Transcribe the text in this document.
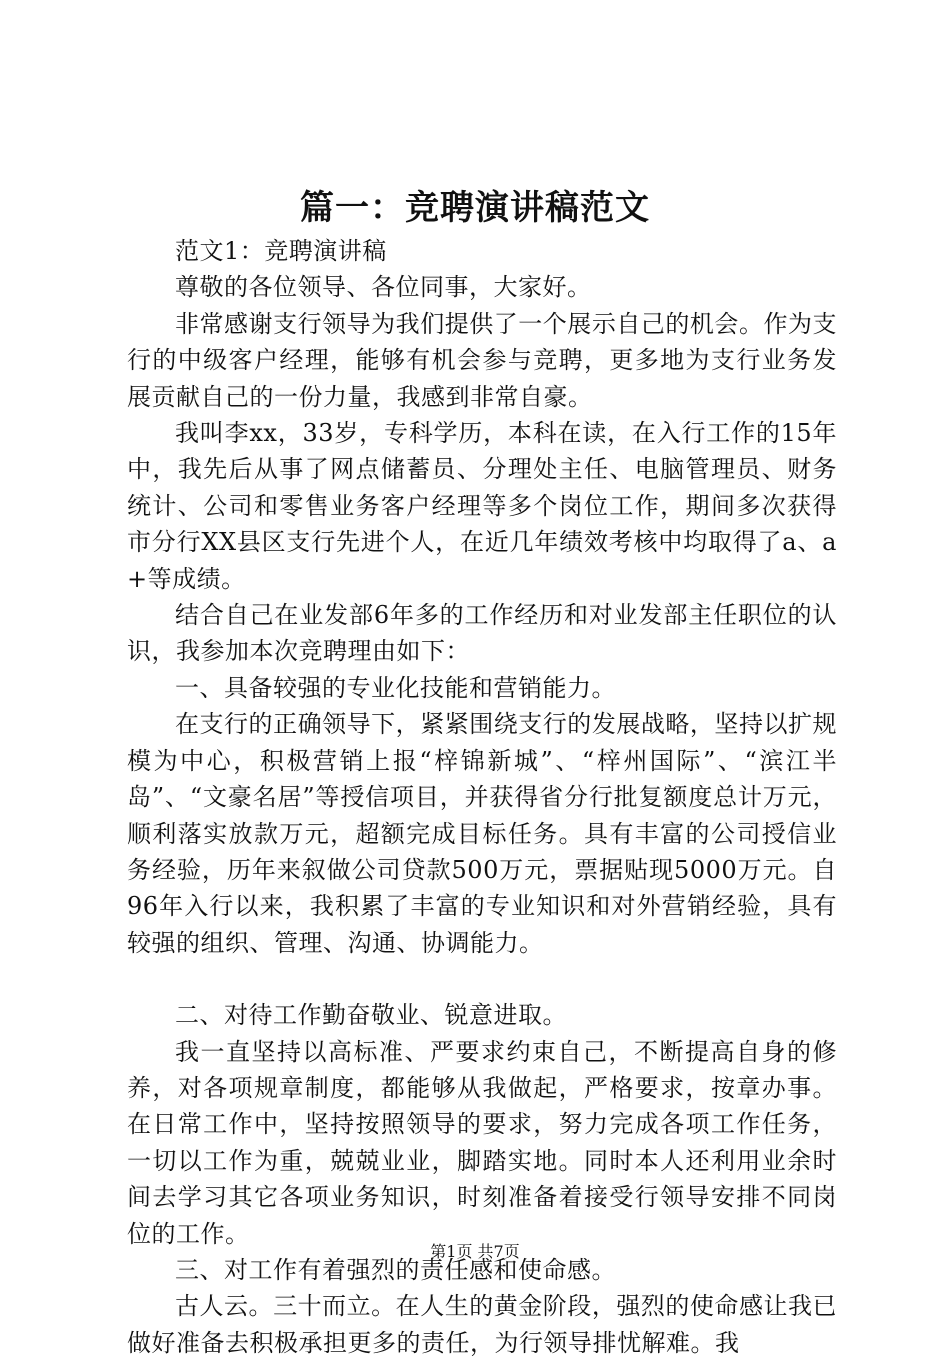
篇一：竞聘演讲稿范文

范文1：竞聘演讲稿

尊敬的各位领导、各位同事，大家好。

非常感谢支行领导为我们提供了一个展示自己的机会。作为支行的中级客户经理，能够有机会参与竞聘，更多地为支行业务发展贡献自己的一份力量，我感到非常自豪。

我叫李xx，33岁，专科学历，本科在读，在入行工作的15年中，我先后从事了网点储蓄员、分理处主任、电脑管理员、财务统计、公司和零售业务客户经理等多个岗位工作，期间多次获得市分行XX县区支行先进个人，在近几年绩效考核中均取得了a、a+等成绩。

结合自己在业发部6年多的工作经历和对业发部主任职位的认识，我参加本次竞聘理由如下：

一、具备较强的专业化技能和营销能力。

在支行的正确领导下，紧紧围绕支行的发展战略，坚持以扩规模为中心，积极营销上报“梓锦新城”、“梓州国际”、“滨江半岛”、“文豪名居”等授信项目，并获得省分行批复额度总计万元，顺利落实放款万元，超额完成目标任务。具有丰富的公司授信业务经验，历年来叙做公司贷款500万元，票据贴现5000万元。自96年入行以来，我积累了丰富的专业知识和对外营销经验，具有较强的组织、管理、沟通、协调能力。

二、对待工作勤奋敬业、锐意进取。

我一直坚持以高标准、严要求约束自己，不断提高自身的修养，对各项规章制度，都能够从我做起，严格要求，按章办事。在日常工作中，坚持按照领导的要求，努力完成各项工作任务，一切以工作为重，兢兢业业，脚踏实地。同时本人还利用业余时间去学习其它各项业务知识，时刻准备着接受行领导安排不同岗位的工作。

三、对工作有着强烈的责任感和使命感。

古人云。三十而立。在人生的黄金阶段，强烈的使命感让我已做好准备去积极承担更多的责任，为行领导排忧解难。我

第1页 共7页
